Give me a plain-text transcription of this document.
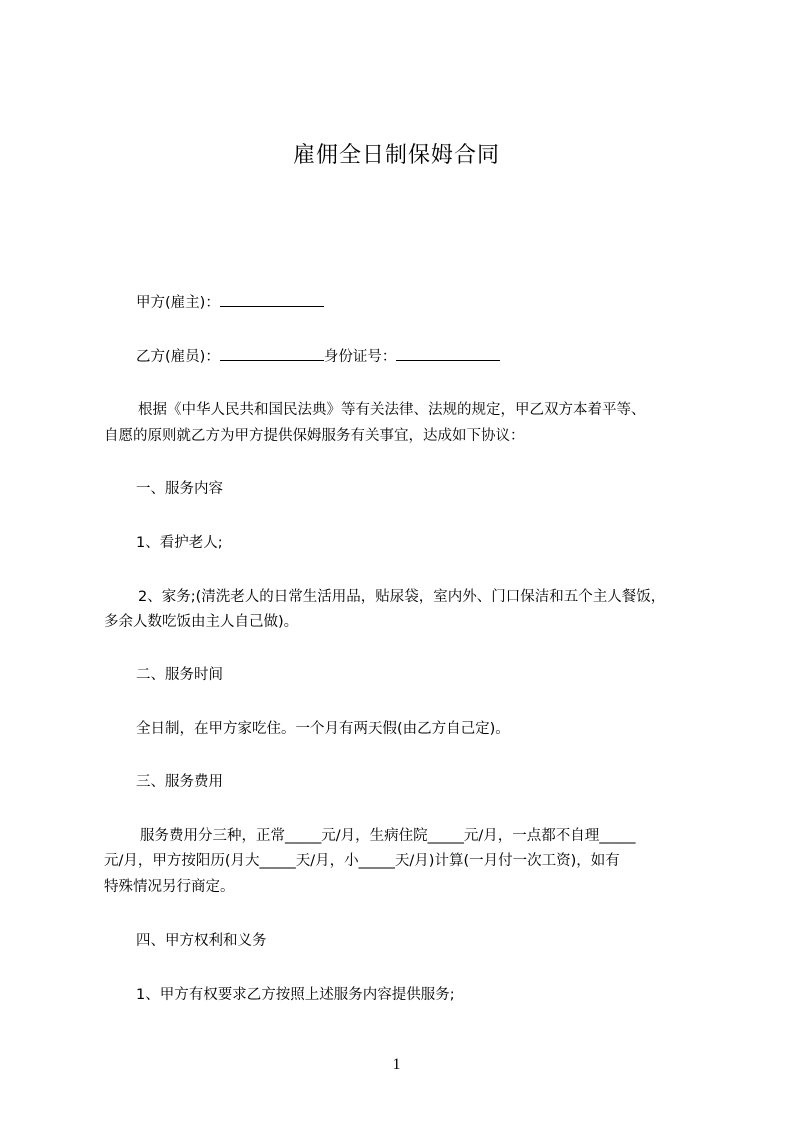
雇佣全日制保姆合同
甲方(雇主)：
乙方(雇员)：	身份证号：
根据《中华人民共和国民法典》等有关法律、法规的规定，甲乙双方本着平等、
自愿的原则就乙方为甲方提供保姆服务有关事宜，达成如下协议：
一、服务内容
1、看护老人;
2、家务;(清洗老人的日常生活用品，贴尿袋，室内外、门口保洁和五个主人餐饭，
多余人数吃饭由主人自己做)。
二、服务时间
全日制，在甲方家吃住。一个月有两天假(由乙方自己定)。
三、服务费用
服务费用分三种，正常_____元/月，生病住院_____元/月，一点都不自理_____
元/月，甲方按阳历(月大_____天/月，小_____天/月)计算(一月付一次工资)，如有
特殊情况另行商定。
四、甲方权利和义务
1、甲方有权要求乙方按照上述服务内容提供服务;
1
